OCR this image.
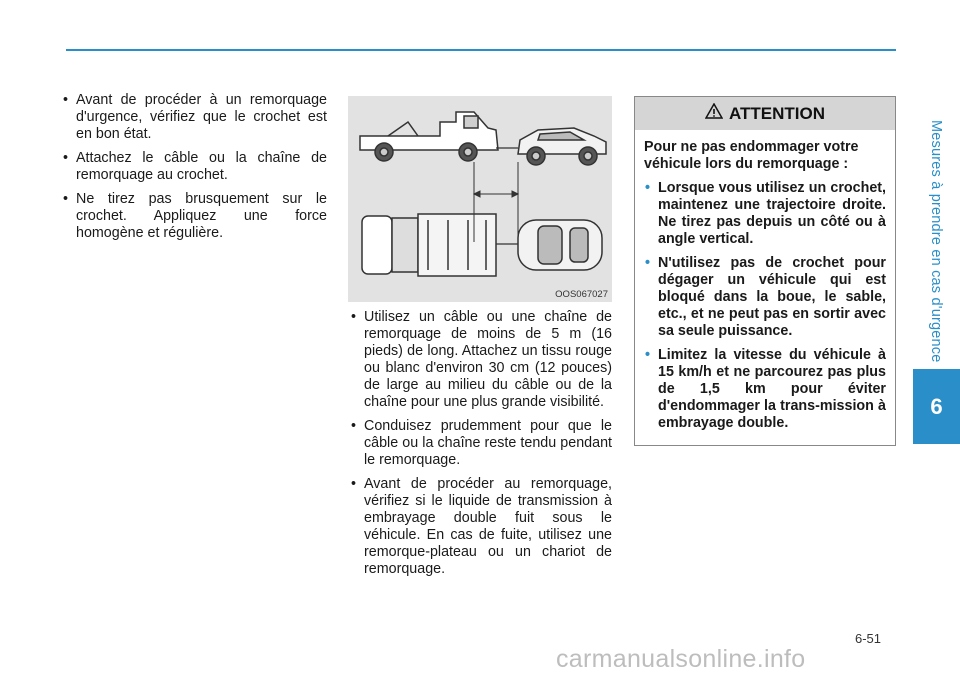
Mesures à prendre en cas d'urgence
6
• Avant de procéder à un remorquage d'urgence, vérifiez que le crochet est en bon état.
• Attachez le câble ou la chaîne de remorquage au crochet.
• Ne tirez pas brusquement sur le crochet. Appliquez une force homogène et régulière.
OOS067027
• Utilisez un câble ou une chaîne de remorquage de moins de 5 m (16 pieds) de long. Attachez un tissu rouge ou blanc d'environ 30 cm (12 pouces) de large au milieu du câble ou de la chaîne pour une plus grande visibilité.
• Conduisez prudemment pour que le câble ou la chaîne reste tendu pendant le remorquage.
• Avant de procéder au remorquage, vérifiez si le liquide de transmission à embrayage double fuit sous le véhicule. En cas de fuite, utilisez une remorque-plateau ou un chariot de remorquage.
ATTENTION

Pour ne pas endommager votre véhicule lors du remorquage :

• Lorsque vous utilisez un crochet, maintenez une trajectoire droite. Ne tirez pas depuis un côté ou à angle vertical.
• N'utilisez pas de crochet pour dégager un véhicule qui est bloqué dans la boue, le sable, etc., et ne peut pas en sortir avec sa seule puissance.
• Limitez la vitesse du véhicule à 15 km/h et ne parcourez pas plus de 1,5 km pour éviter d'endommager la trans-mission à embrayage double.
6-51
carmanualsonline.info
